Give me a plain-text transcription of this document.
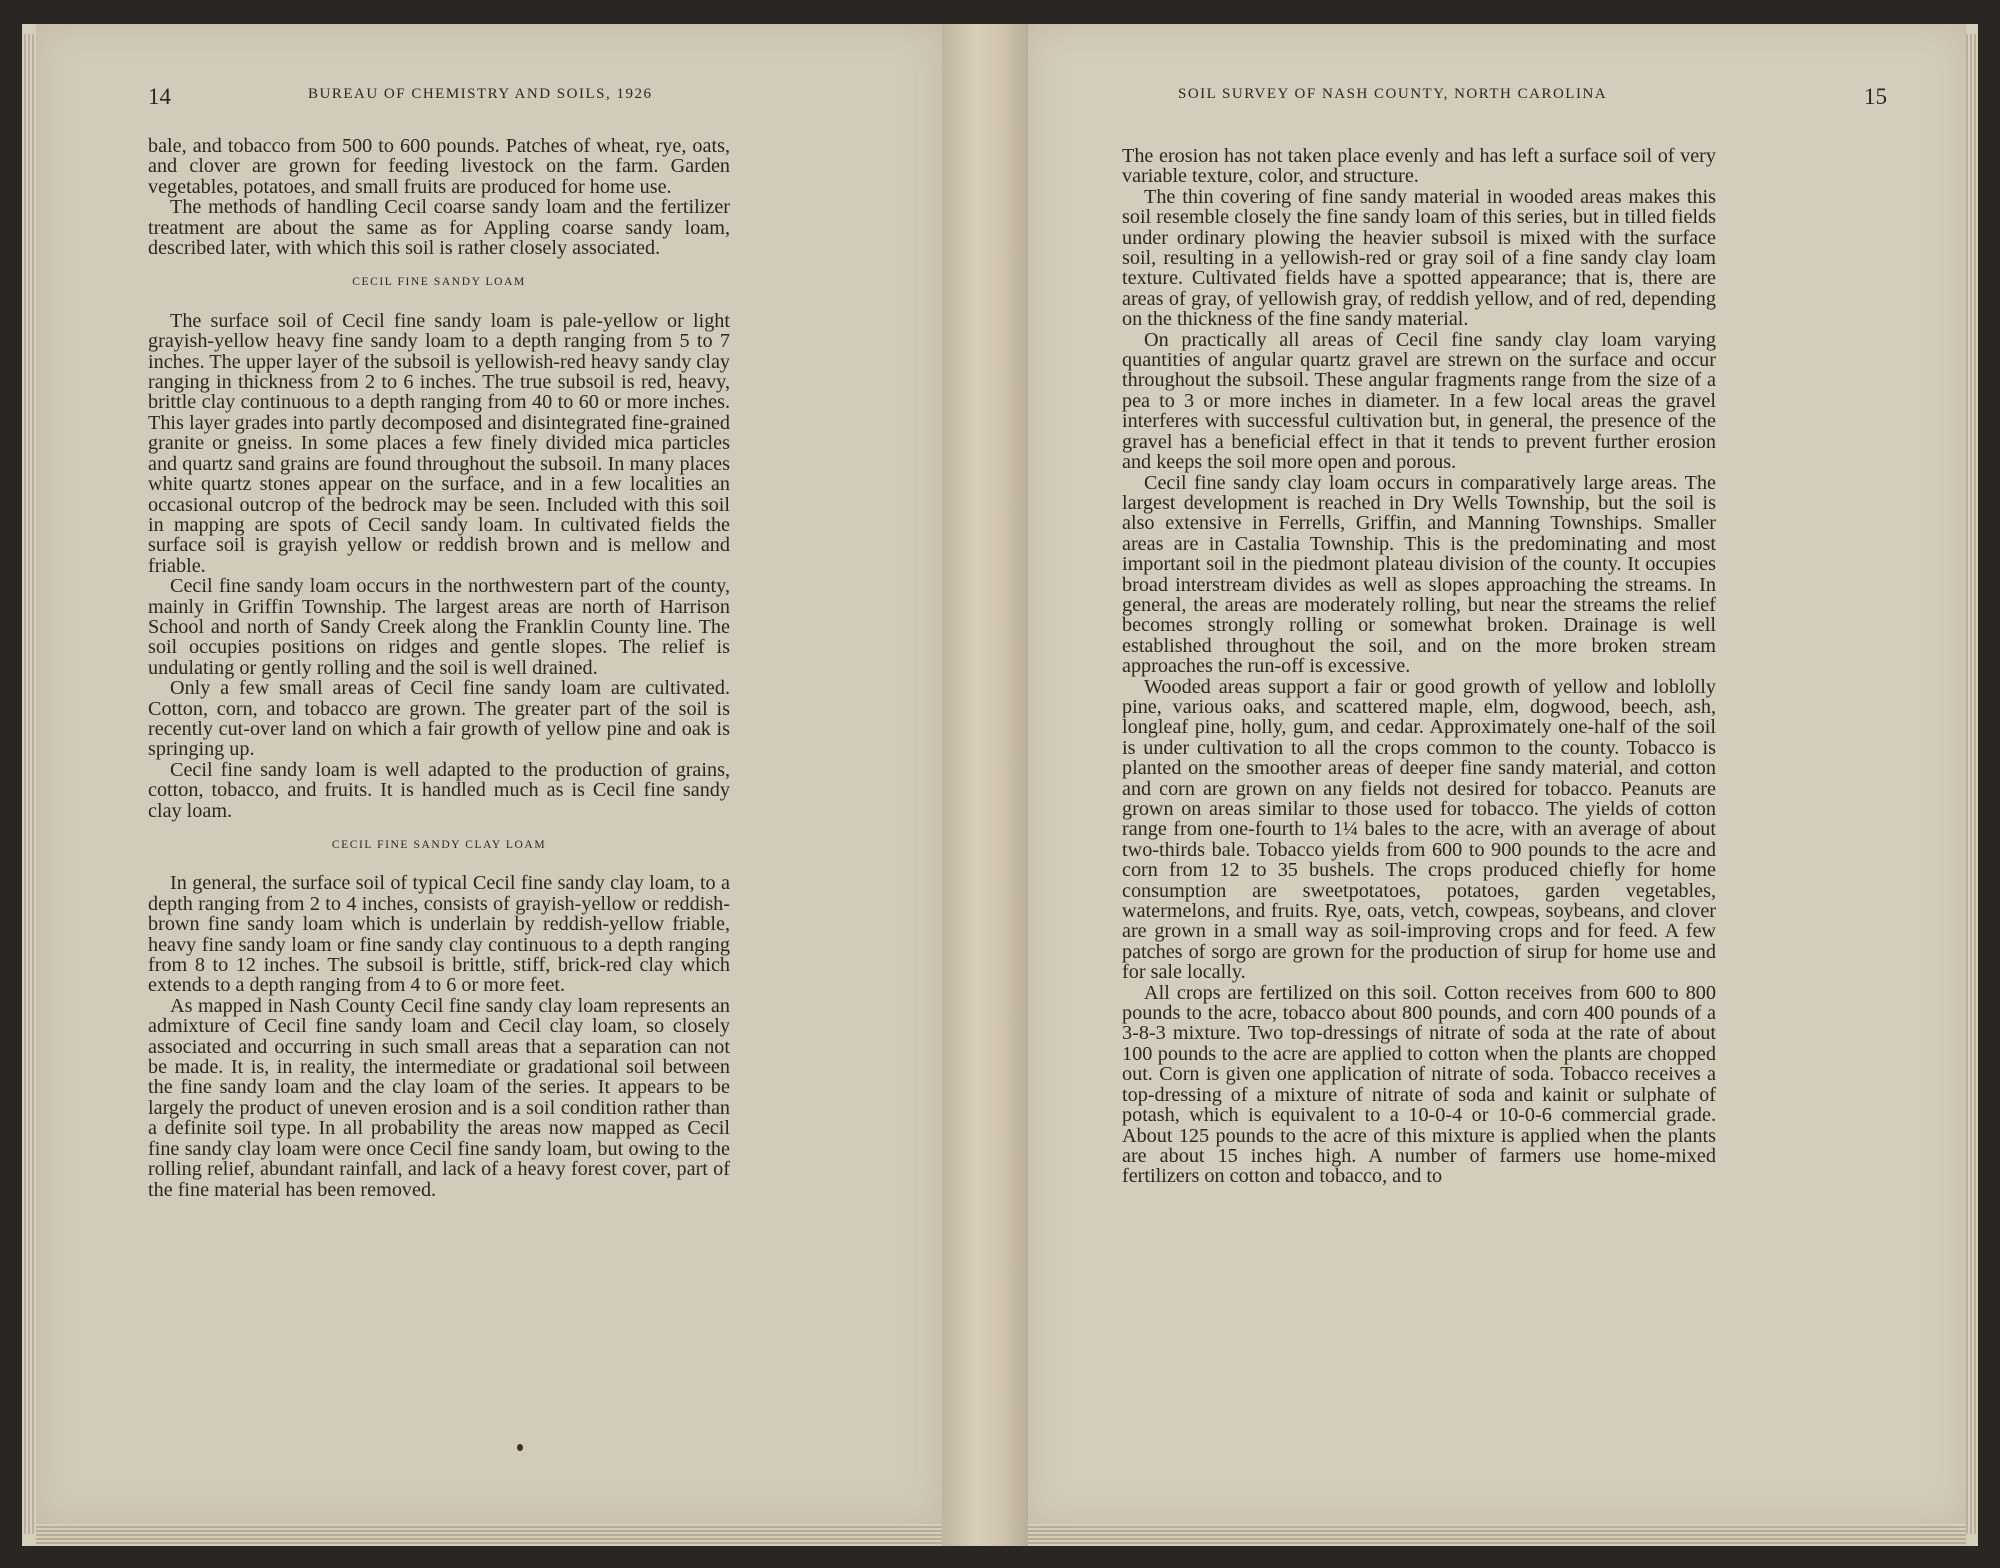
14	BUREAU OF CHEMISTRY AND SOILS, 1926

bale, and tobacco from 500 to 600 pounds. Patches of wheat, rye, oats, and clover are grown for feeding livestock on the farm. Garden vegetables, potatoes, and small fruits are produced for home use.

The methods of handling Cecil coarse sandy loam and the fertilizer treatment are about the same as for Appling coarse sandy loam, described later, with which this soil is rather closely associated.

CECIL FINE SANDY LOAM

The surface soil of Cecil fine sandy loam is pale-yellow or light grayish-yellow heavy fine sandy loam to a depth ranging from 5 to 7 inches. The upper layer of the subsoil is yellowish-red heavy sandy clay ranging in thickness from 2 to 6 inches. The true subsoil is red, heavy, brittle clay continuous to a depth ranging from 40 to 60 or more inches. This layer grades into partly decomposed and disintegrated fine-grained granite or gneiss. In some places a few finely divided mica particles and quartz sand grains are found throughout the subsoil. In many places white quartz stones appear on the surface, and in a few localities an occasional outcrop of the bedrock may be seen. Included with this soil in mapping are spots of Cecil sandy loam. In cultivated fields the surface soil is grayish yellow or reddish brown and is mellow and friable.

Cecil fine sandy loam occurs in the northwestern part of the county, mainly in Griffin Township. The largest areas are north of Harrison School and north of Sandy Creek along the Franklin County line. The soil occupies positions on ridges and gentle slopes. The relief is undulating or gently rolling and the soil is well drained.

Only a few small areas of Cecil fine sandy loam are cultivated. Cotton, corn, and tobacco are grown. The greater part of the soil is recently cut-over land on which a fair growth of yellow pine and oak is springing up.

Cecil fine sandy loam is well adapted to the production of grains, cotton, tobacco, and fruits. It is handled much as is Cecil fine sandy clay loam.

CECIL FINE SANDY CLAY LOAM

In general, the surface soil of typical Cecil fine sandy clay loam, to a depth ranging from 2 to 4 inches, consists of grayish-yellow or reddish-brown fine sandy loam which is underlain by reddish-yellow friable, heavy fine sandy loam or fine sandy clay continuous to a depth ranging from 8 to 12 inches. The subsoil is brittle, stiff, brick-red clay which extends to a depth ranging from 4 to 6 or more feet.

As mapped in Nash County Cecil fine sandy clay loam represents an admixture of Cecil fine sandy loam and Cecil clay loam, so closely associated and occurring in such small areas that a separation can not be made. It is, in reality, the intermediate or gradational soil between the fine sandy loam and the clay loam of the series. It appears to be largely the product of uneven erosion and is a soil condition rather than a definite soil type. In all probability the areas now mapped as Cecil fine sandy clay loam were once Cecil fine sandy loam, but owing to the rolling relief, abundant rainfall, and lack of a heavy forest cover, part of the fine material has been removed.

SOIL SURVEY OF NASH COUNTY, NORTH CAROLINA	15

The erosion has not taken place evenly and has left a surface soil of very variable texture, color, and structure.

The thin covering of fine sandy material in wooded areas makes this soil resemble closely the fine sandy loam of this series, but in tilled fields under ordinary plowing the heavier subsoil is mixed with the surface soil, resulting in a yellowish-red or gray soil of a fine sandy clay loam texture. Cultivated fields have a spotted appearance; that is, there are areas of gray, of yellowish gray, of reddish yellow, and of red, depending on the thickness of the fine sandy material.

On practically all areas of Cecil fine sandy clay loam varying quantities of angular quartz gravel are strewn on the surface and occur throughout the subsoil. These angular fragments range from the size of a pea to 3 or more inches in diameter. In a few local areas the gravel interferes with successful cultivation but, in general, the presence of the gravel has a beneficial effect in that it tends to prevent further erosion and keeps the soil more open and porous.

Cecil fine sandy clay loam occurs in comparatively large areas. The largest development is reached in Dry Wells Township, but the soil is also extensive in Ferrells, Griffin, and Manning Townships. Smaller areas are in Castalia Township. This is the predominating and most important soil in the piedmont plateau division of the county. It occupies broad interstream divides as well as slopes approaching the streams. In general, the areas are moderately rolling, but near the streams the relief becomes strongly rolling or somewhat broken. Drainage is well established throughout the soil, and on the more broken stream approaches the run-off is excessive.

Wooded areas support a fair or good growth of yellow and loblolly pine, various oaks, and scattered maple, elm, dogwood, beech, ash, longleaf pine, holly, gum, and cedar. Approximately one-half of the soil is under cultivation to all the crops common to the county. Tobacco is planted on the smoother areas of deeper fine sandy material, and cotton and corn are grown on any fields not desired for tobacco. Peanuts are grown on areas similar to those used for tobacco. The yields of cotton range from one-fourth to 1¼ bales to the acre, with an average of about two-thirds bale. Tobacco yields from 600 to 900 pounds to the acre and corn from 12 to 35 bushels. The crops produced chiefly for home consumption are sweetpotatoes, potatoes, garden vegetables, watermelons, and fruits. Rye, oats, vetch, cowpeas, soybeans, and clover are grown in a small way as soil-improving crops and for feed. A few patches of sorgo are grown for the production of sirup for home use and for sale locally.

All crops are fertilized on this soil. Cotton receives from 600 to 800 pounds to the acre, tobacco about 800 pounds, and corn 400 pounds of a 3-8-3 mixture. Two top-dressings of nitrate of soda at the rate of about 100 pounds to the acre are applied to cotton when the plants are chopped out. Corn is given one application of nitrate of soda. Tobacco receives a top-dressing of a mixture of nitrate of soda and kainit or sulphate of potash, which is equivalent to a 10-0-4 or 10-0-6 commercial grade. About 125 pounds to the acre of this mixture is applied when the plants are about 15 inches high. A number of farmers use home-mixed fertilizers on cotton and tobacco, and to
